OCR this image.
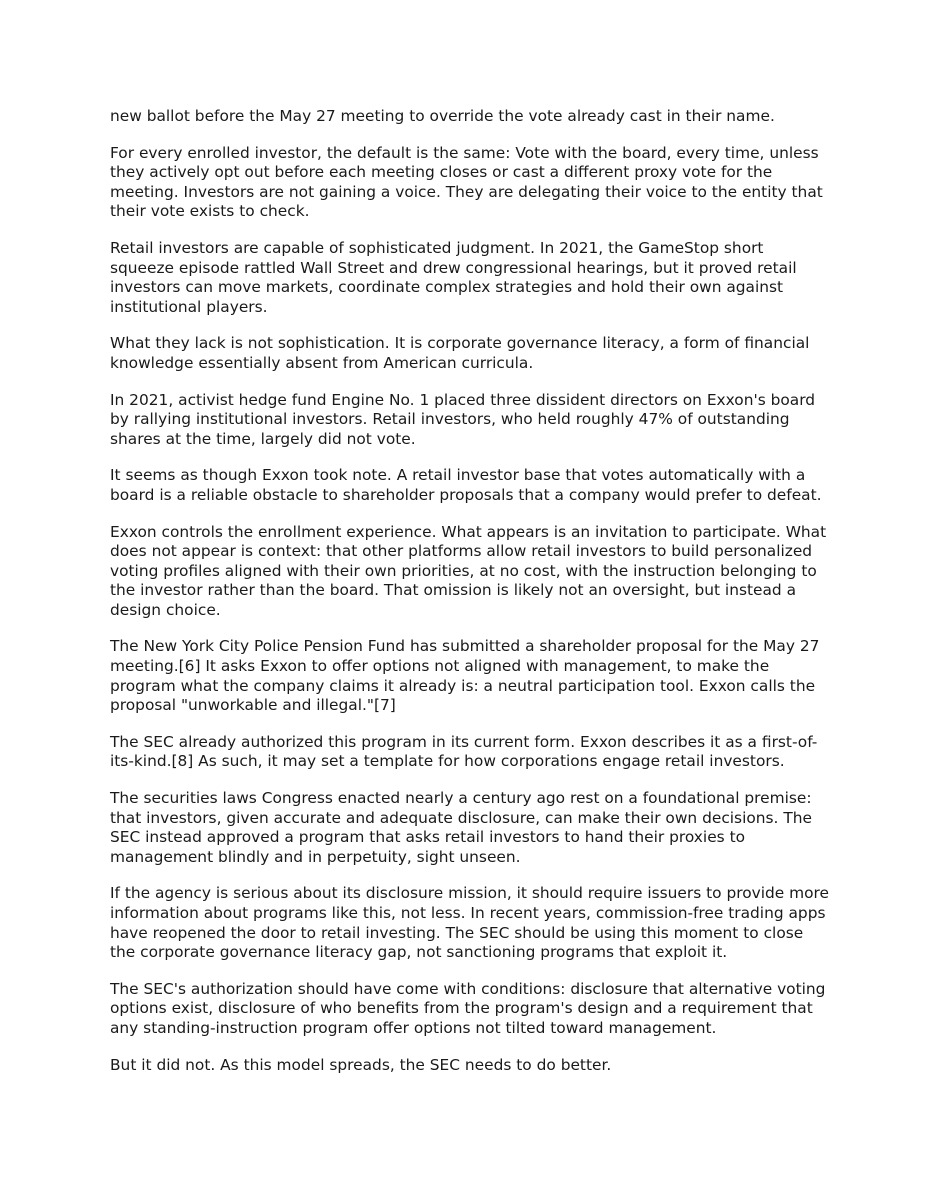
new ballot before the May 27 meeting to override the vote already cast in their name.

For every enrolled investor, the default is the same: Vote with the board, every time, unless they actively opt out before each meeting closes or cast a different proxy vote for the meeting. Investors are not gaining a voice. They are delegating their voice to the entity that their vote exists to check.

Retail investors are capable of sophisticated judgment. In 2021, the GameStop short squeeze episode rattled Wall Street and drew congressional hearings, but it proved retail investors can move markets, coordinate complex strategies and hold their own against institutional players.

What they lack is not sophistication. It is corporate governance literacy, a form of financial knowledge essentially absent from American curricula.

In 2021, activist hedge fund Engine No. 1 placed three dissident directors on Exxon's board by rallying institutional investors. Retail investors, who held roughly 47% of outstanding shares at the time, largely did not vote.

It seems as though Exxon took note. A retail investor base that votes automatically with a board is a reliable obstacle to shareholder proposals that a company would prefer to defeat.

Exxon controls the enrollment experience. What appears is an invitation to participate. What does not appear is context: that other platforms allow retail investors to build personalized voting profiles aligned with their own priorities, at no cost, with the instruction belonging to the investor rather than the board. That omission is likely not an oversight, but instead a design choice.

The New York City Police Pension Fund has submitted a shareholder proposal for the May 27 meeting.[6] It asks Exxon to offer options not aligned with management, to make the program what the company claims it already is: a neutral participation tool. Exxon calls the proposal "unworkable and illegal."[7]

The SEC already authorized this program in its current form. Exxon describes it as a first-of-its-kind.[8] As such, it may set a template for how corporations engage retail investors.

The securities laws Congress enacted nearly a century ago rest on a foundational premise: that investors, given accurate and adequate disclosure, can make their own decisions. The SEC instead approved a program that asks retail investors to hand their proxies to management blindly and in perpetuity, sight unseen.

If the agency is serious about its disclosure mission, it should require issuers to provide more information about programs like this, not less. In recent years, commission-free trading apps have reopened the door to retail investing. The SEC should be using this moment to close the corporate governance literacy gap, not sanctioning programs that exploit it.

The SEC's authorization should have come with conditions: disclosure that alternative voting options exist, disclosure of who benefits from the program's design and a requirement that any standing-instruction program offer options not tilted toward management.

But it did not. As this model spreads, the SEC needs to do better.
